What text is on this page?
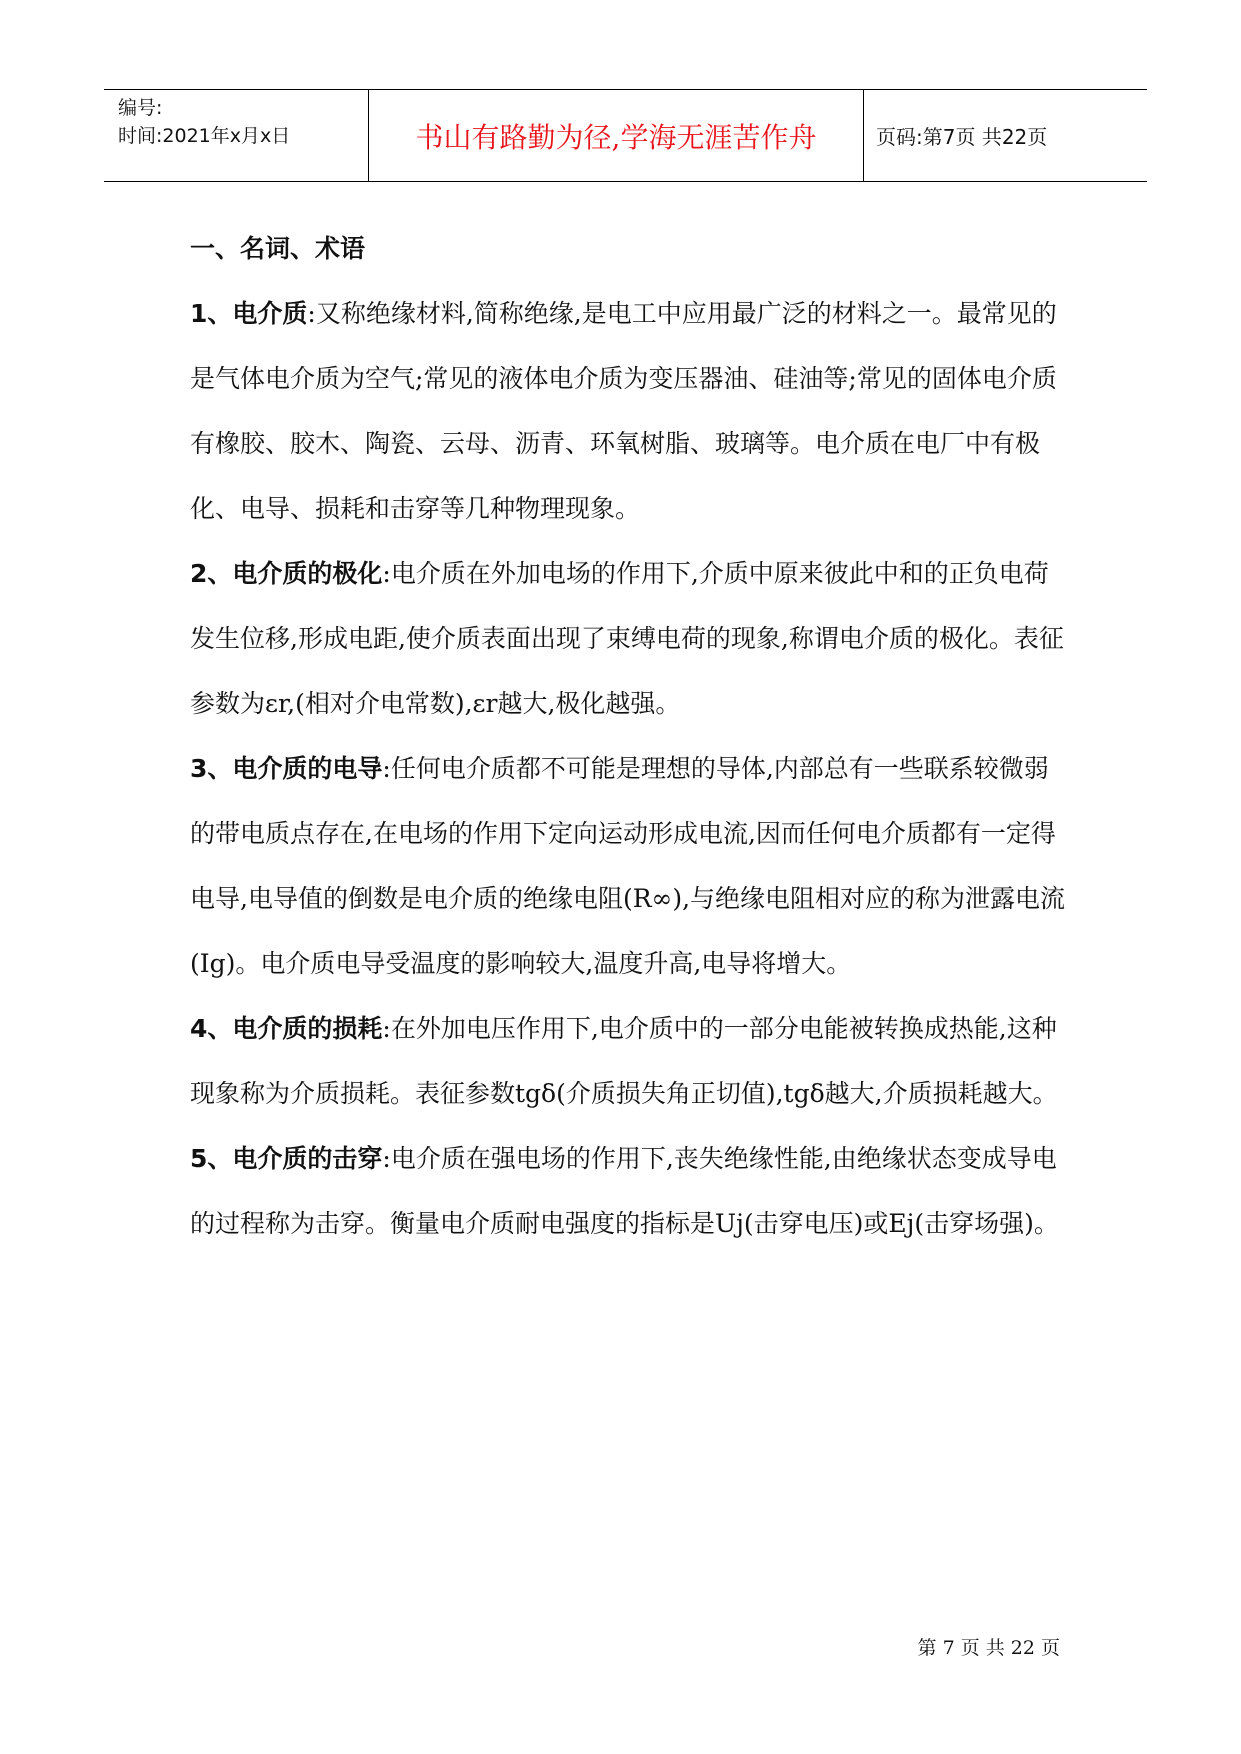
编号:
时间:2021年x月x日	书山有路勤为径,学海无涯苦作舟	页码:第7页 共22页

一、名词、术语

1、电介质:又称绝缘材料,简称绝缘,是电工中应用最广泛的材料之一。最常见的是气体电介质为空气;常见的液体电介质为变压器油、硅油等;常见的固体电介质有橡胶、胶木、陶瓷、云母、沥青、环氧树脂、玻璃等。电介质在电厂中有极化、电导、损耗和击穿等几种物理现象。

2、电介质的极化:电介质在外加电场的作用下,介质中原来彼此中和的正负电荷发生位移,形成电距,使介质表面出现了束缚电荷的现象,称谓电介质的极化。表征参数为εr,(相对介电常数),εr越大,极化越强。

3、电介质的电导:任何电介质都不可能是理想的导体,内部总有一些联系较微弱的带电质点存在,在电场的作用下定向运动形成电流,因而任何电介质都有一定得电导,电导值的倒数是电介质的绝缘电阻(R∞),与绝缘电阻相对应的称为泄露电流(Ig)。电介质电导受温度的影响较大,温度升高,电导将增大。

4、电介质的损耗:在外加电压作用下,电介质中的一部分电能被转换成热能,这种现象称为介质损耗。表征参数tgδ(介质损失角正切值),tgδ越大,介质损耗越大。

5、电介质的击穿:电介质在强电场的作用下,丧失绝缘性能,由绝缘状态变成导电的过程称为击穿。衡量电介质耐电强度的指标是Uj(击穿电压)或Ej(击穿场强)。

第 7 页 共 22 页
